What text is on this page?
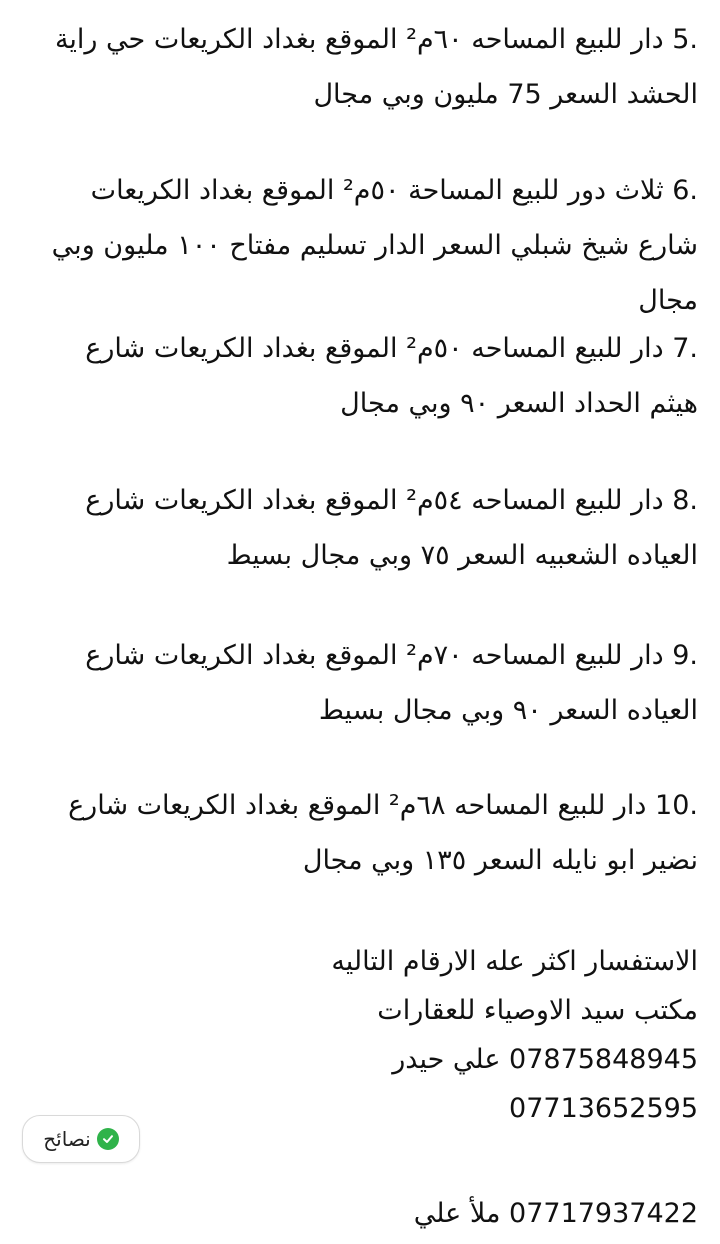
5. دار للبيع المساحه ٦٠م² الموقع بغداد الكريعات حي راية الحشد السعر 75 مليون وبي مجال
6. ثلاث دور للبيع المساحة ٥٠م² الموقع بغداد الكريعات شارع شيخ شبلي السعر الدار تسليم مفتاح ١٠٠ مليون وبي مجال
7. دار للبيع المساحه ٥٠م² الموقع بغداد الكريعات شارع هيثم الحداد السعر ٩٠ وبي مجال
8. دار للبيع المساحه ٥٤م² الموقع بغداد الكريعات شارع العياده الشعبيه السعر ٧٥ وبي مجال بسيط
9. دار للبيع المساحه ٧٠م² الموقع بغداد الكريعات شارع العياده السعر ٩٠ وبي مجال بسيط
10. دار للبيع المساحه ٦٨م² الموقع بغداد الكريعات شارع نضير ابو نايله السعر ١٣٥ وبي مجال
الاستفسار اكثر عله الارقام التاليه
مكتب سيد الاوصياء للعقارات
07875848945 علي حيدر
07713652595
07717937422 ملأ علي
نصائح
